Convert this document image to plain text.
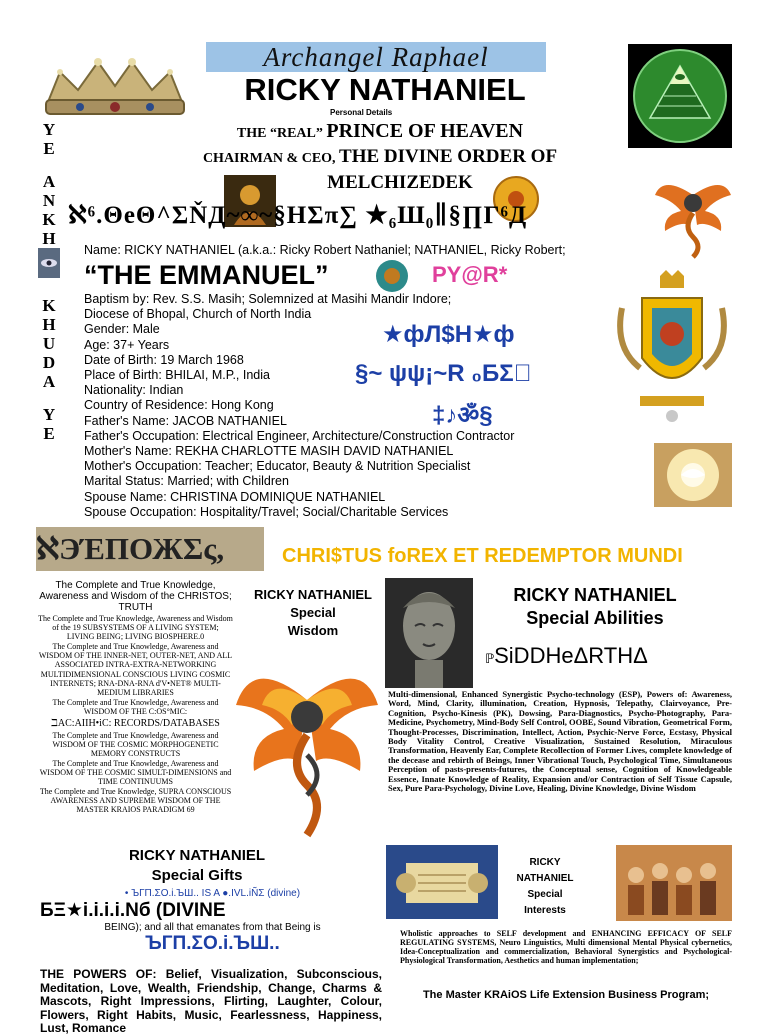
Archangel Raphael
RICKY NATHANIEL
Personal Details
THE “REAL” PRINCE OF HEAVEN
CHAIRMAN & CEO, THE DIVINE ORDER OF
MELCHIZEDEK
ℵ⁶.ΘeΘ^ΣŇД~∞~§HΣπ∑ ★₆Ш₀∥§∏Γ⁶Д
Y
E
A
N
K
H
K
H
U
D
A
Y
E
Name: RICKY NATHANIEL (a.k.a.: Ricky Robert Nathaniel; NATHANIEL, Ricky Robert;
“THE EMMANUEL”	PY@R*
Baptism by: Rev. S.S. Masih; Solemnized at Masihi Mandir Indore;
Diocese of Bhopal, Church of North India
Gender: Male
Age: 37+ Years
Date of Birth: 19 March 1968
Place of Birth: BHILAI, M.P., India
Nationality: Indian
Country of Residence: Hong Kong
Father's Name: JACOB NATHANIEL
Father's Occupation: Electrical Engineer, Architecture/Construction Contractor
Mother's Name: REKHA CHARLOTTE MASIH DAVID NATHANIEL
Mother's Occupation: Teacher; Educator, Beauty & Nutrition Specialist
Marital Status: Married; with Children
Spouse Name: CHRISTINA DOMINIQUE NATHANIEL
Spouse Occupation: Hospitality/Travel; Social/Charitable Services
★фЛ$H★ф
§~ ψψ¡~R ₀БΣ⃞
‡♪ॐ§
ℵЭΈΠОЖΣς,	CHRI$TUS foREX ET REDEMPTOR MUNDI
The Complete and True Knowledge, Awareness and Wisdom of the CHRISTOS; TRUTH
The Complete and True Knowledge, Awareness and Wisdom of the 19 SUBSYSTEMS OF A LIVING SYSTEM; LIVING BEING; LIVING BIOSPHERE.0
The Complete and True Knowledge, Awareness and WISDOM OF THE INNER-NET, OUTER-NET, AND ALL ASSOCIATED INTRA-EXTRA-NETWORKING
MULTIDIMENSIONAL CONSCIOUS LIVING COSMIC INTERNETS; RNA-DNA-RNA d'V•NET® MULTI-MEDIUM LIBRARIES
The Complete and True Knowledge, Awareness and WISDOM OF THE C:OS°MIC:
ℶAC:AIIH•iC: RECORDS/DATABASES
The Complete and True Knowledge, Awareness and WISDOM OF THE COSMIC MORPHOGENETIC MEMORY CONSTRUCTS
The Complete and True Knowledge, Awareness and WISDOM OF THE COSMIC SIMULT-DIMENSIONS and TIME CONTINUUMS
The Complete and True Knowledge, SUPRA CONSCIOUS AWARENESS AND SUPREME WISDOM OF THE MASTER KRAIOS PARADIGM 69
RICKY NATHANIEL
Special
Wisdom
RICKY NATHANIEL
Special Abilities
ℙSiDDHeΔRTHΔ
Multi-dimensional, Enhanced Synergistic Psycho-technology (ESP), Powers of: Awareness, Word, Mind, Clarity, illumination, Creation, Hypnosis, Telepathy, Clairvoyance, Pre-Cognition, Psycho-Kinesis (PK), Dowsing, Para-Diagnostics, Psycho-Photography, Para-Medicine, Psychometry, Mind-Body Self Control, OOBE, Sound Vibration, Geometrical Form, Thought-Processes, Discrimination, Intellect, Action, Psychic-Nerve Force, Ecstasy, Physical Body Vitality Control, Creative Visualization, Sustained Resolution, Miraculous Transformation, Heavenly Ear, Complete Recollection of Former Lives, complete knowledge of the decease and rebirth of Beings, Inner Vibrational Touch, Psychological Time, Simultaneous Perception of pasts-presents-futures, the Conceptual sense, Cognition of Knowledgeable Essence, Innate Knowledge of Reality, Expansion and/or Contraction of Self Tissue Capsule, Sex, Pure Para-Psychology, Divine Love, Healing, Divine Knowledge, Divine Wisdom
RICKY NATHANIEL
Special Gifts
• ЪГΠ.ΣO.i.ЪШ.. IS A ●.IVL.iÑΣ (divine)
БΞ★i.i.i.i.Nб (DIVINE
BEING); and all that emanates from that Being is
ЪГΠ.ΣO.i.ЪШ..
THE POWERS OF: Belief, Visualization, Subconscious, Meditation, Love, Wealth, Friendship, Change, Charms & Mascots, Right Impressions, Flirting, Laughter, Colour, Flowers, Right Habits, Music, Fearlessness, Happiness, Lust, Romance
RICKY NATHANIEL
Special
Interests
Wholistic approaches to SELF development and ENHANCING EFFICACY OF SELF REGULATING SYSTEMS, Neuro Linguistics, Multi dimensional Mental Physical cybernetics, Idea-Conceptualization and commercialization, Behavioral Synergistics and Psychological-Physiological Transformation, Aesthetics and human implementation;
The Master KRAiOS Life Extension Business Program;
